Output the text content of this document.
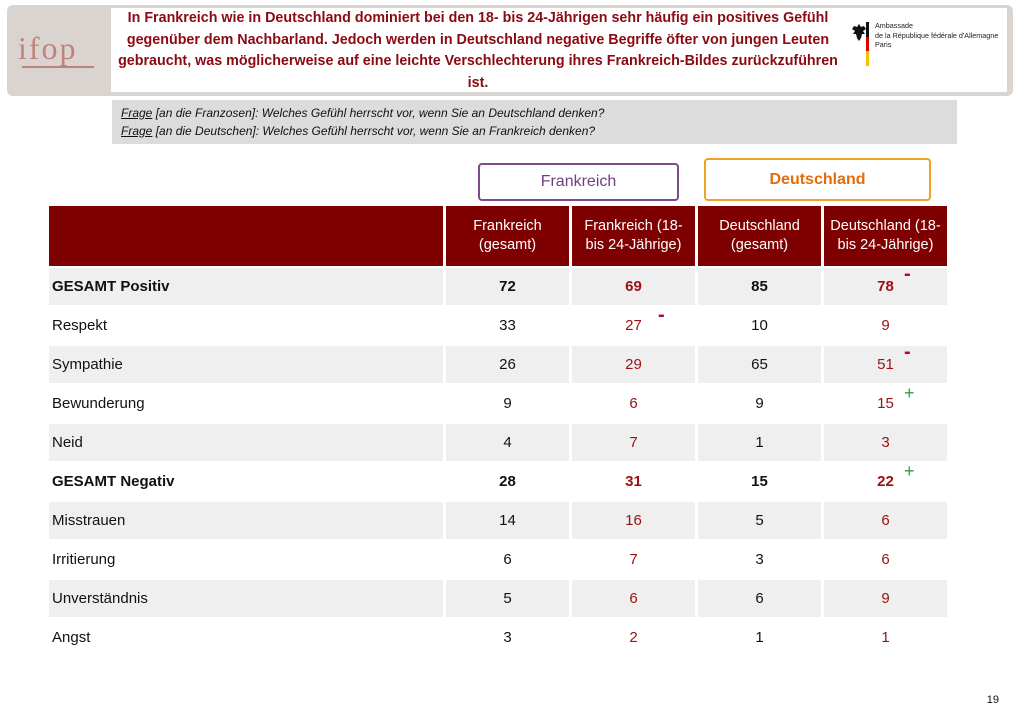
ifop
In Frankreich wie in Deutschland dominiert bei den 18- bis 24-Jährigen sehr häufig ein positives Gefühl gegenüber dem Nachbarland. Jedoch werden in Deutschland negative Begriffe öfter von jungen Leuten gebraucht, was möglicherweise auf eine leichte Verschlechterung ihres Frankreich-Bildes zurückzuführen ist.
Ambassade
de la République fédérale d'Allemagne
Paris
Frage [an die Franzosen]: Welches Gefühl herrscht vor, wenn Sie an Deutschland denken?
Frage [an die Deutschen]: Welches Gefühl herrscht vor, wenn Sie an Frankreich denken?
Frankreich	Deutschland
	Frankreich (gesamt)	Frankreich (18- bis 24-Jährige)	Deutschland (gesamt)	Deutschland (18- bis 24-Jährige)
GESAMT Positiv	72	69	85	78
-

Respekt	33	27 -	10	9
Sympathie	26	29	65	51
-

Bewunderung	9	6	9	15
+

Neid	4	7	1	3
GESAMT Negativ	28	31	15	22
+

Misstrauen	14	16	5	6
Irritierung	6	7	3	6
Unverständnis	5	6	6	9
Angst	3	2	1	1
19
